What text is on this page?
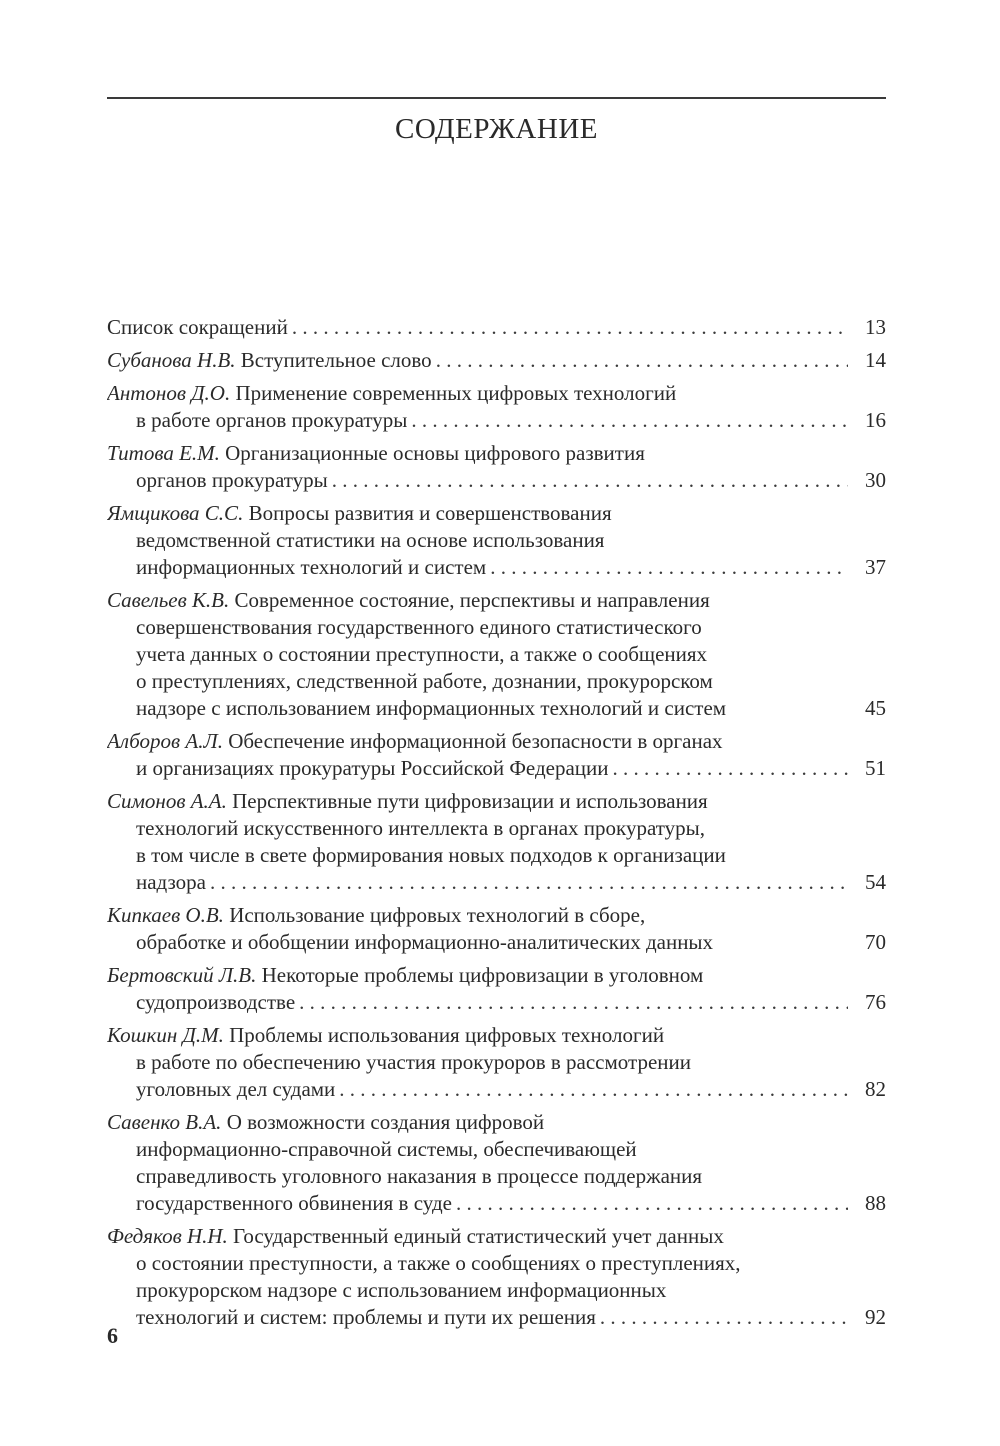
СОДЕРЖАНИЕ
Список сокращений . . .	13
Субанова Н.В. Вступительное слово . . .	14
Антонов Д.О. Применение современных цифровых технологий
в работе органов прокуратуры . . .	16
Титова Е.М. Организационные основы цифрового развития
органов прокуратуры . . .	30
Ямщикова С.С. Вопросы развития и совершенствования
ведомственной статистики на основе использования
информационных технологий и систем . . .	37
Савельев К.В. Современное состояние, перспективы и направления
совершенствования государственного единого статистического
учета данных о состоянии преступности, а также о сообщениях
о преступлениях, следственной работе, дознании, прокурорском
надзоре с использованием информационных технологий и систем	45
Алборов А.Л. Обеспечение информационной безопасности в органах
и организациях прокуратуры Российской Федерации . . .	51
Симонов А.А. Перспективные пути цифровизации и использования
технологий искусственного интеллекта в органах прокуратуры,
в том числе в свете формирования новых подходов к организации
надзора . . .	54
Кипкаев О.В. Использование цифровых технологий в сборе,
обработке и обобщении информационно-аналитических данных	70
Бертовский Л.В. Некоторые проблемы цифровизации в уголовном
судопроизводстве . . .	76
Кошкин Д.М. Проблемы использования цифровых технологий
в работе по обеспечению участия прокуроров в рассмотрении
уголовных дел судами . . .	82
Савенко В.А. О возможности создания цифровой
информационно-справочной системы, обеспечивающей
справедливость уголовного наказания в процессе поддержания
государственного обвинения в суде . . .	88
Федяков Н.Н. Государственный единый статистический учет данных
о состоянии преступности, а также о сообщениях о преступлениях,
прокурорском надзоре с использованием информационных
технологий и систем: проблемы и пути их решения . . .	92

6
